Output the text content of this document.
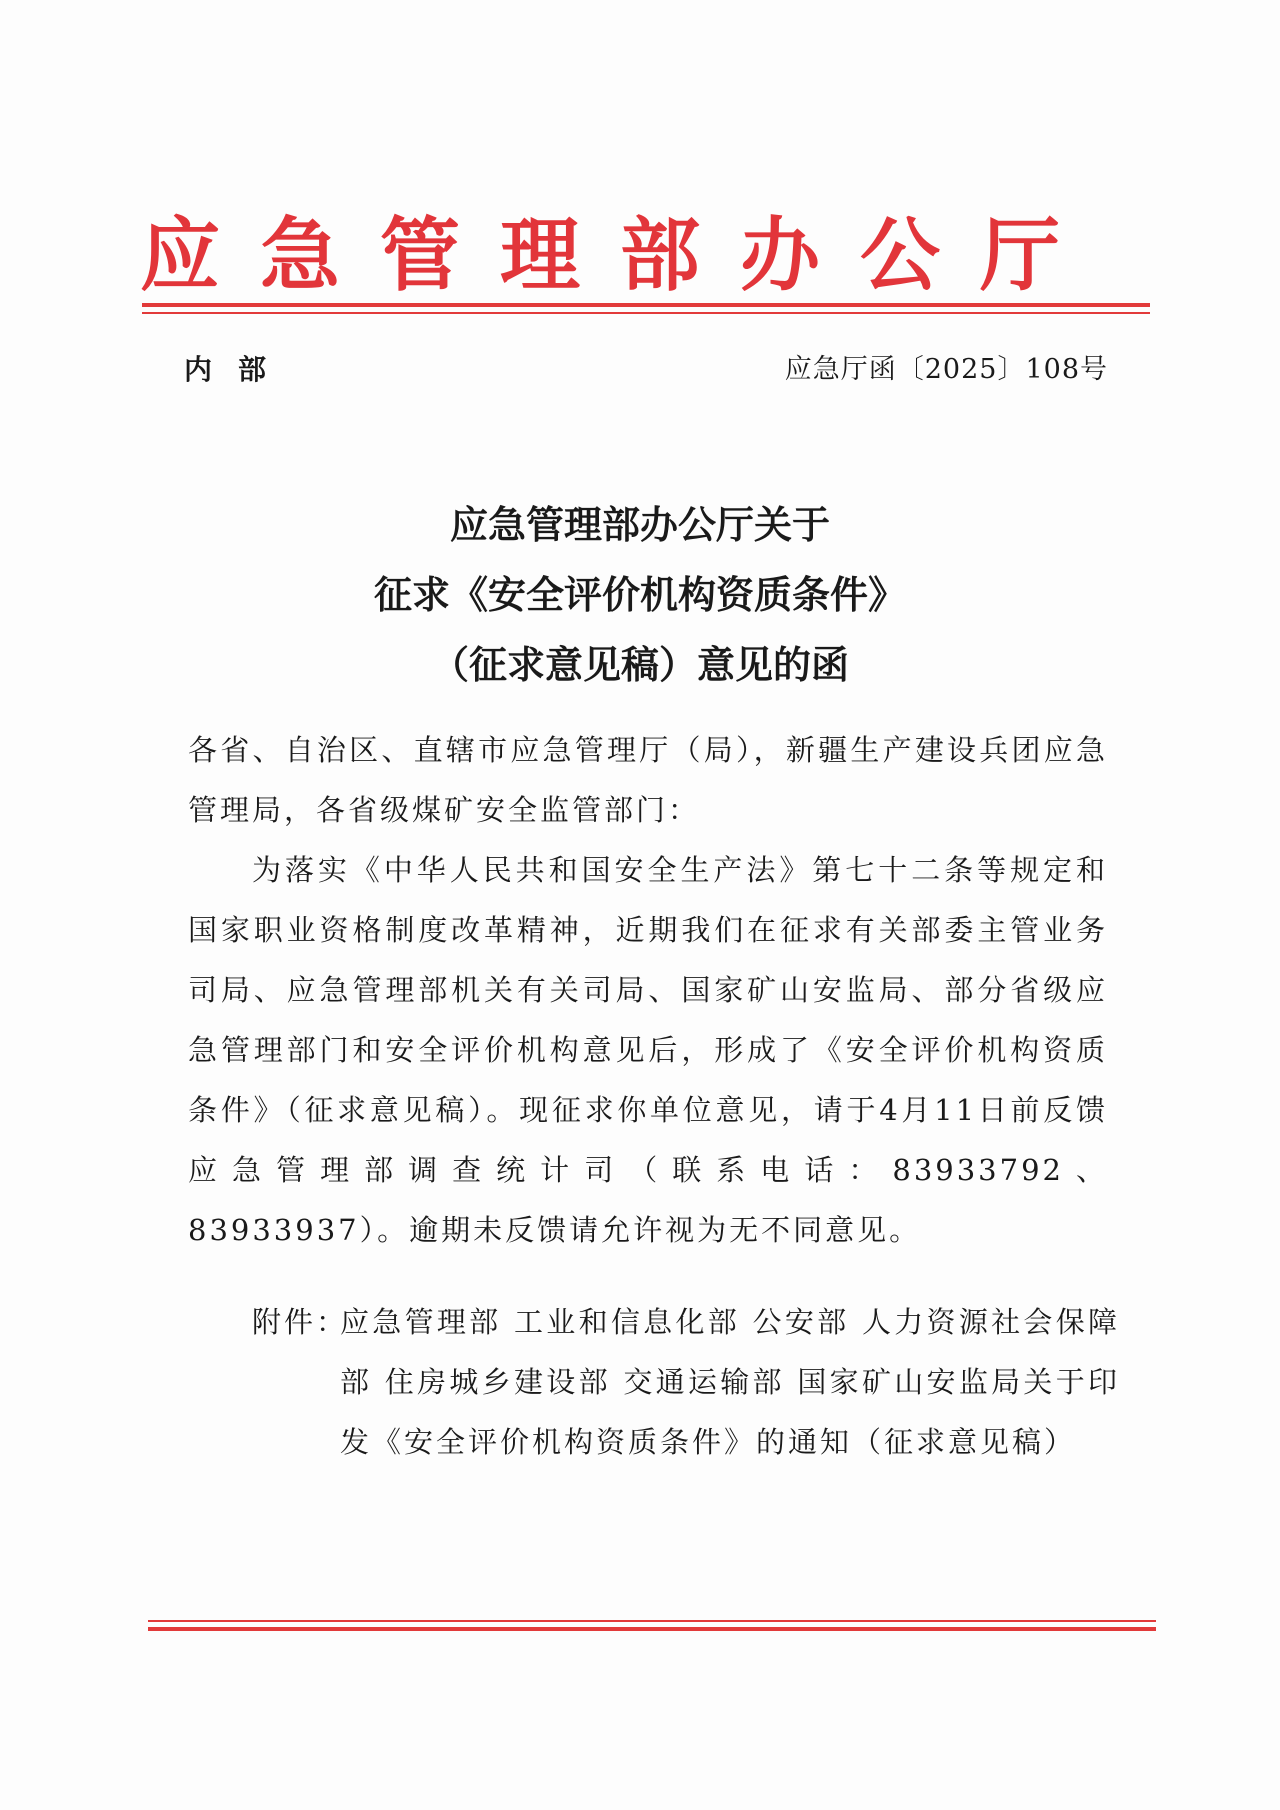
应急管理部办公厅
内部	应急厅函〔2025〕108号
应急管理部办公厅关于
征求《安全评价机构资质条件》
（征求意见稿）意见的函
各省、自治区、直辖市应急管理厅（局），新疆生产建设兵团应急管理局，各省级煤矿安全监管部门：
为落实《中华人民共和国安全生产法》第七十二条等规定和国家职业资格制度改革精神，近期我们在征求有关部委主管业务司局、应急管理部机关有关司局、国家矿山安监局、部分省级应急管理部门和安全评价机构意见后，形成了《安全评价机构资质条件》（征求意见稿）。现征求你单位意见，请于4月11日前反馈应急管理部调查统计司（联系电话：83933792、83933937）。逾期未反馈请允许视为无不同意见。
附件：
应急管理部 工业和信息化部 公安部 人力资源社会保障部 住房城乡建设部 交通运输部 国家矿山安监局关于印发《安全评价机构资质条件》的通知（征求意见稿）
